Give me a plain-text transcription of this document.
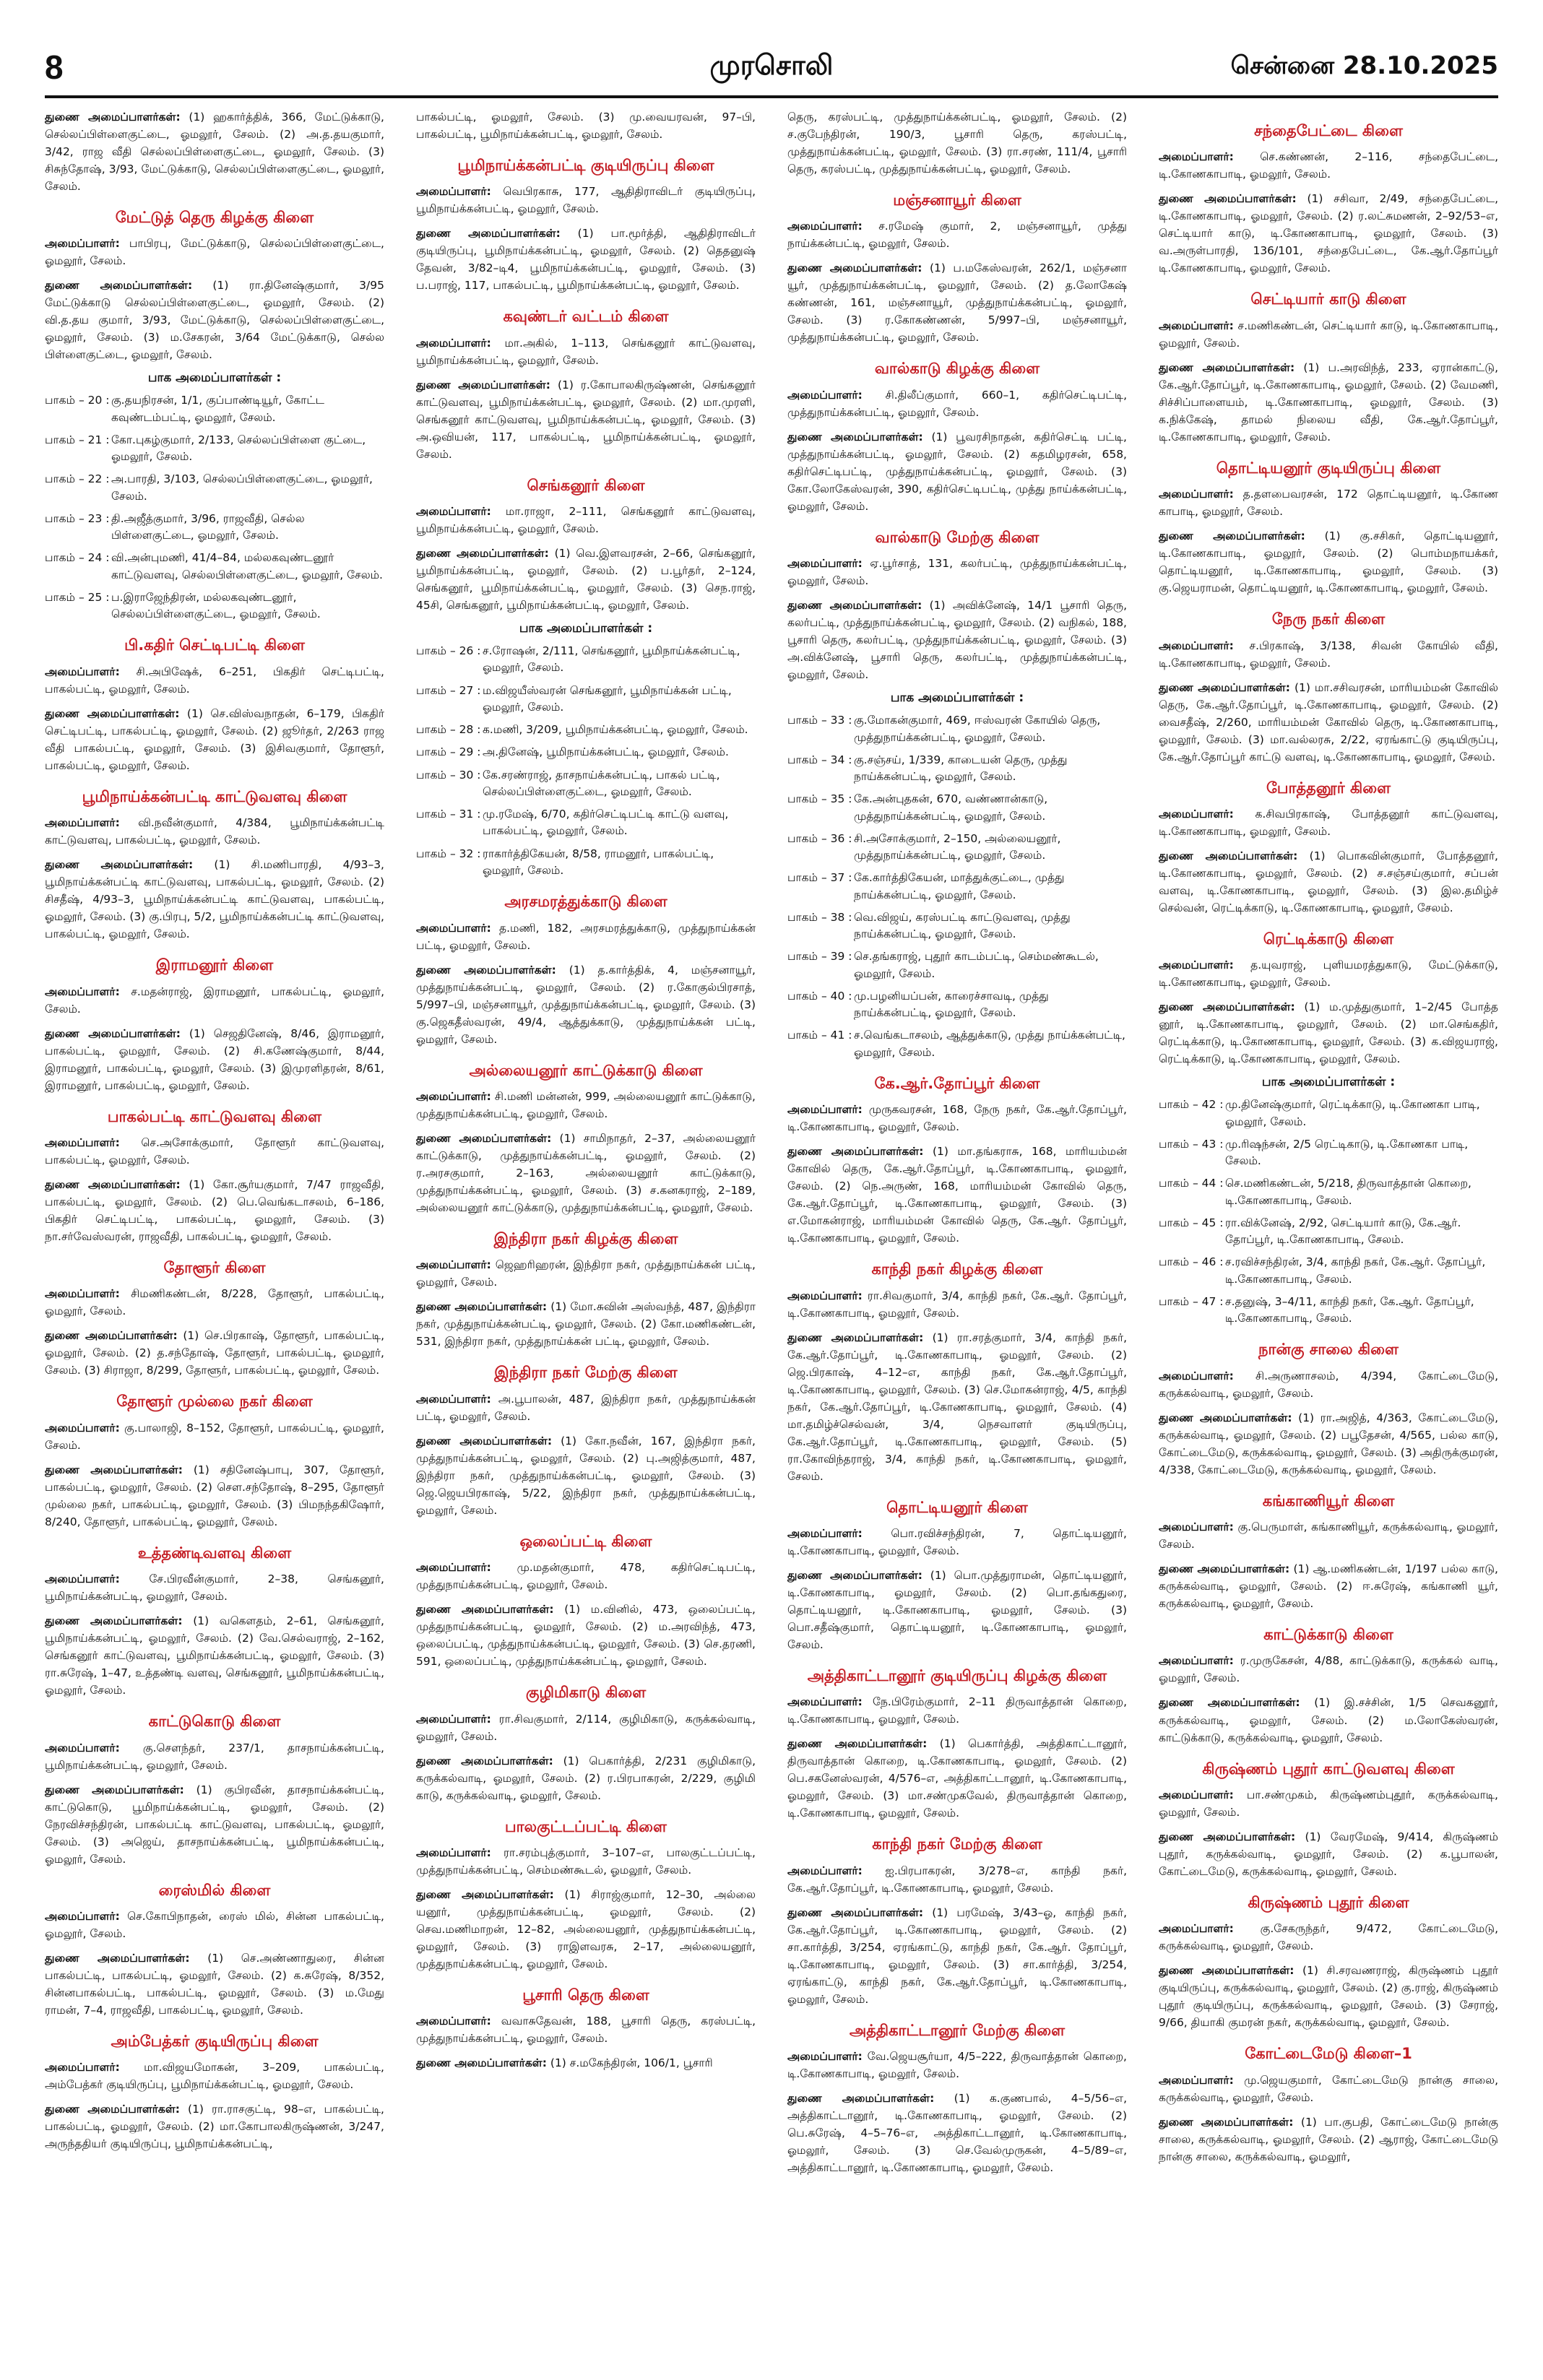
8	முரசொலி	சென்னை 28.10.2025

துணை அமைப்பாளர்கள்: (1) ஹகார்த்திக், 366, மேட்டுக்காடு, செல்லப்பிள்ளைகுட்டை, ஓமலூர், சேலம். (2) அ.த.தயகுமார், 3/42, ராஜ வீதி செல்லப்பிள்ளைகுட்டை, ஓமலூர், சேலம். (3) சிசுந்தோஷ், 3/93, மேட்டுக்காடு, செல்லப்பிள்ளைகுட்டை, ஓமலூர், சேலம்.

மேட்டுத் தெரு கிழக்கு கிளை

அமைப்பாளர்: பாபிரபு, மேட்டுக்காடு, செல்லப்பிள்ளைகுட்டை, ஓமலூர், சேலம்.

துணை அமைப்பாளர்கள்: (1) ரா.தினேஷ்குமார், 3/95 மேட்டுக்காடு செல்லப்பிள்ளைகுட்டை, ஓமலூர், சேலம். (2) வி.த.தய குமார், 3/93, மேட்டுக்காடு, செல்லப்பிள்ளைகுட்டை, ஓமலூர், சேலம். (3) ம.சேகரன், 3/64 மேட்டுக்காடு, செல்ல பிள்ளைகுட்டை, ஓமலூர், சேலம்.

பாக அமைப்பாளர்கள் :
பாகம் – 20 : கு.தயநிரசன், 1/1, குப்பாண்டியூர், கோட்ட கவுண்டம்பட்டி, ஓமலூர், சேலம்.
பாகம் – 21 : கோ.புகழ்குமார், 2/133, செல்லப்பிள்ளை குட்டை, ஓமலூர், சேலம்.
பாகம் – 22 : அ.பாரதி, 3/103, செல்லப்பிள்ளைகுட்டை, ஓமலூர், சேலம்.
பாகம் – 23 : தி.அஜீத்குமார், 3/96, ராஜவீதி, செல்ல பிள்ளைகுட்டை, ஓமலூர், சேலம்.
பாகம் – 24 : வி.அன்புமணி, 41/4–84, மல்லகவுண்டனூர் காட்டுவளவு, செல்லபிள்ளைகுட்டை, ஓமலூர், சேலம்.
பாகம் – 25 : ப.இராஜேந்திரன், மல்லகவுண்டனூர், செல்லப்பிள்ளைகுட்டை, ஓமலூர், சேலம்.
பி.கதிர் செட்டிபட்டி கிளை

அமைப்பாளர்: சி.அபிஷேக், 6–251, பிகதிர் செட்டிபட்டி, பாகல்பட்டி, ஓமலூர், சேலம்.

துணை அமைப்பாளர்கள்: (1) செ.விஸ்வநாதன், 6–179, பிகதிர் செட்டிபட்டி, பாகல்பட்டி, ஓமலூர், சேலம். (2) ஜூர்தர், 2/263 ராஜ வீதி பாகல்பட்டி, ஓமலூர், சேலம். (3) இசிவகுமார், தோளூர், பாகல்பட்டி, ஓமலூர், சேலம்.

பூமிநாய்க்கன்பட்டி காட்டுவளவு கிளை

அமைப்பாளர்: வி.நவீன்குமார், 4/384, பூமிநாய்க்கன்பட்டி காட்டுவளவு, பாகல்பட்டி, ஓமலூர், சேலம்.

துணை அமைப்பாளர்கள்: (1) சி.மணிபாரதி, 4/93–3, பூமிநாய்க்கன்பட்டி காட்டுவளவு, பாகல்பட்டி, ஓமலூர், சேலம். (2) சிசதீஷ், 4/93–3, பூமிநாய்க்கன்பட்டி காட்டுவளவு, பாகல்பட்டி, ஓமலூர், சேலம். (3) கு.பிரபு, 5/2, பூமிநாய்க்கன்பட்டி காட்டுவளவு, பாகல்பட்டி, ஓமலூர், சேலம்.

இராமனூர் கிளை

அமைப்பாளர்: ச.மதன்ராஜ், இராமனூர், பாகல்பட்டி, ஓமலூர், சேலம்.

துணை அமைப்பாளர்கள்: (1) செஜதினேஷ், 8/46, இராமனூர், பாகல்பட்டி, ஓமலூர், சேலம். (2) சி.கணேஷ்குமார், 8/44, இராமனூர், பாகல்பட்டி, ஓமலூர், சேலம். (3) இமுரளிதரன், 8/61, இராமனூர், பாகல்பட்டி, ஓமலூர், சேலம்.

பாகல்பட்டி காட்டுவளவு கிளை

அமைப்பாளர்: செ.அசோக்குமார், தோளூர் காட்டுவளவு, பாகல்பட்டி, ஓமலூர், சேலம்.

துணை அமைப்பாளர்கள்: (1) கோ.சூர்யகுமார், 7/47 ராஜவீதி, பாகல்பட்டி, ஓமலூர், சேலம். (2) பெ.வெங்கடாசலம், 6–186, பிகதிர் செட்டிபட்டி, பாகல்பட்டி, ஓமலூர், சேலம். (3) நா.சர்வேஸ்வரன், ராஜவீதி, பாகல்பட்டி, ஓமலூர், சேலம்.

தோளூர் கிளை

அமைப்பாளர்: சிமணிகண்டன், 8/228, தோளூர், பாகல்பட்டி, ஓமலூர், சேலம்.

துணை அமைப்பாளர்கள்: (1) செ.பிரகாஷ், தோளூர், பாகல்பட்டி, ஓமலூர், சேலம். (2) த.சந்தோஷ், தோளூர், பாகல்பட்டி, ஓமலூர், சேலம். (3) சிராஜா, 8/299, தோளூர், பாகல்பட்டி, ஓமலூர், சேலம்.

தோளூர் முல்லை நகர் கிளை

அமைப்பாளர்: கு.பாலாஜி, 8–152, தோளூர், பாகல்பட்டி, ஓமலூர், சேலம்.

துணை அமைப்பாளர்கள்: (1) சதினேஷ்பாபு, 307, தோளூர், பாகல்பட்டி, ஓமலூர், சேலம். (2) செள.சந்தோஷ், 8–295, தோளூர் முல்லை நகர், பாகல்பட்டி, ஓமலூர், சேலம். (3) பிமநந்தகிஷோர், 8/240, தோளூர், பாகல்பட்டி, ஓமலூர், சேலம்.

உத்தண்டிவளவு கிளை

அமைப்பாளர்:	சே.பிரவீன்குமார், 2–38, செங்கனூர், பூமிநாய்க்கன்பட்டி, ஓமலூர், சேலம்.

துணை அமைப்பாளர்கள்: (1) வகௌதம், 2–61, செங்கனூர், பூமிநாய்க்கன்பட்டி, ஓமலூர், சேலம். (2) வே.செல்வராஜ், 2–162, செங்கனூர் காட்டுவளவு, பூமிநாய்க்கன்பட்டி, ஓமலூர், சேலம். (3) ரா.சுரேஷ், 1–47, உத்தண்டி வளவு, செங்கனூர், பூமிநாய்க்கன்பட்டி, ஓமலூர், சேலம்.

காட்டுகொடு கிளை

அமைப்பாளர்: கு.சௌந்தர், 237/1, தாசநாய்க்கன்பட்டி, பூமிநாய்க்கன்பட்டி, ஓமலூர், சேலம்.

துணை அமைப்பாளர்கள்: (1) குபிரவீன், தாசநாய்க்கன்பட்டி, காட்டுகொடு, பூமிநாய்க்கன்பட்டி, ஓமலூர், சேலம். (2) நேரவிச்சந்திரன், பாகல்பட்டி காட்டுவளவு, பாகல்பட்டி, ஓமலூர், சேலம். (3) அஜெய், தாசநாய்க்கன்பட்டி, பூமிநாய்க்கன்பட்டி, ஓமலூர், சேலம்.

ரைஸ்மில் கிளை

அமைப்பாளர்: செ.கோபிநாதன், ரைஸ் மில், சின்ன பாகல்பட்டி, ஓமலூர், சேலம்.

துணை அமைப்பாளர்கள்: (1) செ.அண்ணாதுரை, சின்ன பாகல்பட்டி, பாகல்பட்டி, ஓமலூர், சேலம். (2) க.சுரேஷ், 8/352, சின்னபாகல்பட்டி, பாகல்பட்டி, ஓமலூர், சேலம். (3) ம.மேது ராமன், 7–4, ராஜவீதி, பாகல்பட்டி, ஓமலூர், சேலம்.

அம்பேத்கர் குடியிருப்பு கிளை

அமைப்பாளர்: மா.விஜயமோகன், 3–209, பாகல்பட்டி, அம்பேத்கர் குடியிருப்பு, பூமிநாய்க்கன்பட்டி, ஓமலூர், சேலம்.

துணை அமைப்பாளர்கள்: (1) ரா.ராசகுட்டி, 98–எ, பாகல்பட்டி, பாகல்பட்டி, ஓமலூர், சேலம். (2) மா.கோபாலகிருஷ்ணன், 3/247, அருந்ததியர் குடியிருப்பு, பூமிநாய்க்கன்பட்டி,

பாகல்பட்டி, ஓமலூர், சேலம். (3) மு.வையரவன், 97–பி, பாகல்பட்டி, பூமிநாய்க்கன்பட்டி, ஓமலூர், சேலம்.

பூமிநாய்க்கன்பட்டி குடியிருப்பு கிளை

அமைப்பாளர்: வெபிரகாசு, 177, ஆதிதிராவிடர் குடியிருப்பு, பூமிநாய்க்கன்பட்டி, ஓமலூர், சேலம்.

துணை அமைப்பாளர்கள்: (1) பா.மூர்த்தி, ஆதிதிராவிடர் குடியிருப்பு, பூமிநாய்க்கன்பட்டி, ஓமலூர், சேலம். (2) தெதனுஷ் தேவன், 3/82–டி4, பூமிநாய்க்கன்பட்டி, ஓமலூர், சேலம். (3) ப.பராஜ், 117, பாகல்பட்டி, பூமிநாய்க்கன்பட்டி, ஓமலூர், சேலம்.

கவுண்டர் வட்டம் கிளை

அமைப்பாளர்: மா.அகில், 1–113, செங்கனூர் காட்டுவளவு, பூமிநாய்க்கன்பட்டி, ஓமலூர், சேலம்.

துணை அமைப்பாளர்கள்: (1) ர.கோபாலகிருஷ்ணன், செங்கனூர் காட்டுவளவு, பூமிநாய்க்கன்பட்டி, ஓமலூர், சேலம். (2) மா.முரளி, செங்கனூர் காட்டுவளவு, பூமிநாய்க்கன்பட்டி, ஓமலூர், சேலம். (3) அ.ஒவியன், 117, பாகல்பட்டி, பூமிநாய்க்கன்பட்டி, ஓமலூர், சேலம்.

செங்கனூர் கிளை

அமைப்பாளர்: மா.ராஜா, 2–111, செங்கனூர் காட்டுவளவு, பூமிநாய்க்கன்பட்டி, ஓமலூர், சேலம்.

துணை அமைப்பாளர்கள்: (1) வெ.இளவரசன், 2–66, செங்கனூர், பூமிநாய்க்கன்பட்டி, ஓமலூர், சேலம். (2) ப.பூர்தர், 2–124, செங்கனூர், பூமிநாய்க்கன்பட்டி, ஓமலூர், சேலம். (3) செந.ராஜ், 45சி, செங்கனூர், பூமிநாய்க்கன்பட்டி, ஓமலூர், சேலம்.

பாக அமைப்பாளர்கள் :
பாகம் – 26 : ச.ரோஷன், 2/111, செங்கனூர், பூமிநாய்க்கன்பட்டி, ஓமலூர், சேலம்.
பாகம் – 27 : ம.விஜயீஸ்வரன் செங்கனூர், பூமிநாய்க்கன் பட்டி, ஓமலூர், சேலம்.
பாகம் – 28 : க.மணி, 3/209, பூமிநாய்க்கன்பட்டி, ஓமலூர், சேலம்.
பாகம் – 29 : அ.தினேஷ், பூமிநாய்க்கன்பட்டி, ஓமலூர், சேலம்.
பாகம் – 30 : கே.சரண்ராஜ், தாசநாய்க்கன்பட்டி, பாகல் பட்டி, செல்லப்பிள்ளைகுட்டை, ஓமலூர், சேலம்.
பாகம் – 31 : மு.ரமேஷ், 6/70, கதிர்செட்டிபட்டி காட்டு வளவு, பாகல்பட்டி, ஓமலூர், சேலம்.
பாகம் – 32 : ராகார்த்திகேயன், 8/58, ராமனூர், பாகல்பட்டி, ஓமலூர், சேலம்.
அரசமரத்துக்காடு கிளை

அமைப்பாளர்: த.மணி, 182, அரசமரத்துக்காடு, முத்துநாய்க்கன் பட்டி, ஓமலூர், சேலம்.

துணை அமைப்பாளர்கள்: (1) த.கார்த்திக், 4, மஞ்சனாயூர், முத்துநாய்க்கன்பட்டி, ஓமலூர், சேலம். (2) ர.கோகுல்பிரசாத், 5/997–பி, மஞ்சனாயூர், முத்துநாய்க்கன்பட்டி, ஓமலூர், சேலம். (3) கு.ஜெகதீஸ்வரன், 49/4, ஆத்துக்காடு, முத்துநாய்க்கன் பட்டி, ஓமலூர், சேலம்.

அல்லையனூர் காட்டுக்காடு கிளை

அமைப்பாளர்: சி.மணி மன்னன், 999, அல்லையனூர் காட்டுக்காடு, முத்துநாய்க்கன்பட்டி, ஓமலூர், சேலம்.

துணை அமைப்பாளர்கள்: (1) சாமிநாதர், 2–37, அல்லையனூர் காட்டுக்காடு, முத்துநாய்க்கன்பட்டி, ஓமலூர், சேலம். (2) ர.அரசகுமார், 2–163, அல்லையனூர் காட்டுக்காடு, முத்துநாய்க்கன்பட்டி, ஓமலூர், சேலம். (3) ச.கனகராஜ், 2–189, அல்லையனூர் காட்டுக்காடு, முத்துநாய்க்கன்பட்டி, ஓமலூர், சேலம்.

இந்திரா நகர் கிழக்கு கிளை

அமைப்பாளர்: ஜெஹரிஹரன், இந்திரா நகர், முத்துநாய்க்கன் பட்டி, ஓமலூர், சேலம்.

துணை அமைப்பாளர்கள்: (1) மோ.சுவின் அஸ்வந்த், 487, இந்திரா நகர், முத்துநாய்க்கன்பட்டி, ஓமலூர், சேலம். (2) கோ.மணிகண்டன், 531, இந்திரா நகர், முத்துநாய்க்கன் பட்டி, ஓமலூர், சேலம்.

இந்திரா நகர் மேற்கு கிளை

அமைப்பாளர்: அ.பூபாலன், 487, இந்திரா நகர், முத்துநாய்க்கன் பட்டி, ஓமலூர், சேலம்.

துணை அமைப்பாளர்கள்: (1) கோ.நவீன், 167, இந்திரா நகர், முத்துநாய்க்கன்பட்டி, ஓமலூர், சேலம். (2) பு.அஜித்குமார், 487, இந்திரா நகர், முத்துநாய்க்கன்பட்டி, ஓமலூர், சேலம். (3) ஜெ.ஜெயபிரகாஷ், 5/22, இந்திரா நகர், முத்துநாய்க்கன்பட்டி, ஓமலூர், சேலம்.

ஒலைப்பட்டி கிளை

அமைப்பாளர்: மு.மதன்குமார், 478, கதிர்செட்டிபட்டி, முத்துநாய்க்கன்பட்டி, ஓமலூர், சேலம்.

துணை அமைப்பாளர்கள்: (1) ம.வினில், 473, ஒலைப்பட்டி, முத்துநாய்க்கன்பட்டி, ஓமலூர், சேலம். (2) ம.அரவிந்த், 473, ஒலைப்பட்டி, முத்துநாய்க்கன்பட்டி, ஓமலூர், சேலம். (3) செ.தரணி, 591, ஒலைப்பட்டி, முத்துநாய்க்கன்பட்டி, ஓமலூர், சேலம்.

குழிமிகாடு கிளை

அமைப்பாளர்: ரா.சிவகுமார், 2/114, குழிமிகாடு, கருக்கல்வாடி, ஓமலூர், சேலம்.

துணை அமைப்பாளர்கள்: (1) பெகார்த்தி, 2/231 குழிமிகாடு, கருக்கல்வாடி, ஓமலூர், சேலம். (2) ர.பிரபாகரன், 2/229, குழிமி காடு, கருக்கல்வாடி, ஓமலூர், சேலம்.

பாலகுட்டப்பட்டி கிளை

அமைப்பாளர்: ரா.சரம்புத்குமார், 3–107–எ, பாலகுட்டப்பட்டி, முத்துநாய்க்கன்பட்டி, செம்மண்கூடல், ஓமலூர், சேலம்.

துணை அமைப்பாளர்கள்: (1) சிராஜ்குமார், 12–30, அல்லை யனூர், முத்துநாய்க்கன்பட்டி, ஓமலூர், சேலம். (2) செவ.மணிமாறன், 12–82, அல்லையனூர், முத்துநாய்க்கன்பட்டி, ஓமலூர், சேலம். (3) ராஇளவரசு, 2–17, அல்லையனூர், முத்துநாய்க்கன்பட்டி, ஓமலூர், சேலம்.

பூசாரி தெரு கிளை

அமைப்பாளர்: வவாசுதேவன், 188, பூசாரி தெரு, கரஸ்பட்டி, முத்துநாய்க்கன்பட்டி, ஓமலூர், சேலம்.

துணை அமைப்பாளர்கள்: (1) ச.மகேந்திரன், 106/1, பூசாரி

தெரு, கரஸ்பட்டி, முத்துநாய்க்கன்பட்டி, ஓமலூர், சேலம். (2) ச.குபேந்திரன், 190/3, பூசாரி தெரு, கரஸ்பட்டி, முத்துநாய்க்கன்பட்டி, ஓமலூர், சேலம். (3) ரா.சரண், 111/4, பூசாரி தெரு, கரஸ்பட்டி, முத்துநாய்க்கன்பட்டி, ஓமலூர், சேலம்.

மஞ்சனாயூர் கிளை

அமைப்பாளர்: ச.ரமேஷ் குமார், 2, மஞ்சனாயூர், முத்து நாய்க்கன்பட்டி, ஓமலூர், சேலம்.

துணை அமைப்பாளர்கள்: (1) ப.மகேஸ்வரன், 262/1, மஞ்சனா யூர், முத்துநாய்க்கன்பட்டி, ஓமலூர், சேலம். (2) த.லோகேஷ் கண்ணன், 161, மஞ்சனாயூர், முத்துநாய்க்கன்பட்டி, ஓமலூர், சேலம். (3) ர.கோகண்ணன், 5/997–பி, மஞ்சனாயூர், முத்துநாய்க்கன்பட்டி, ஓமலூர், சேலம்.

வால்காடு கிழக்கு கிளை

அமைப்பாளர்: சி.திலீப்குமார், 660–1, கதிர்செட்டிபட்டி, முத்துநாய்க்கன்பட்டி, ஓமலூர், சேலம்.

துணை அமைப்பாளர்கள்: (1) பூவரசிநாதன், கதிர்செட்டி பட்டி, முத்துநாய்க்கன்பட்டி, ஓமலூர், சேலம். (2) கதமிழரசன், 658, கதிர்செட்டிபட்டி, முத்துநாய்க்கன்பட்டி, ஓமலூர், சேலம். (3) கோ.லோகேஸ்வரன், 390, கதிர்செட்டிபட்டி, முத்து நாய்க்கன்பட்டி, ஓமலூர், சேலம்.

வால்காடு மேற்கு கிளை

அமைப்பாளர்: ஏ.பூர்சாத், 131, கலர்பட்டி, முத்துநாய்க்கன்பட்டி, ஓமலூர், சேலம்.

துணை அமைப்பாளர்கள்: (1) அவிக்னேஷ், 14/1 பூசாரி தெரு, கலர்பட்டி, முத்துநாய்க்கன்பட்டி, ஓமலூர், சேலம். (2) வநிகல், 188, பூசாரி தெரு, கலர்பட்டி, முத்துநாய்க்கன்பட்டி, ஓமலூர், சேலம். (3) அ.விக்னேஷ், பூசாரி தெரு, கலர்பட்டி, முத்துநாய்க்கன்பட்டி, ஓமலூர், சேலம்.

பாக அமைப்பாளர்கள் :
பாகம் – 33 : கு.மோகன்குமார், 469, ஈஸ்வரன் கோயில் தெரு, முத்துநாய்க்கன்பட்டி, ஓமலூர், சேலம்.
பாகம் – 34 : கு.சஞ்சய், 1/339, காடையன் தெரு, முத்து நாய்க்கன்பட்டி, ஓமலூர், சேலம்.
பாகம் – 35 : கே.அன்புதகன், 670, வண்ணான்காடு, முத்துநாய்க்கன்பட்டி, ஓமலூர், சேலம்.
பாகம் – 36 : சி.அசோக்குமார், 2–150, அல்லையனூர், முத்துநாய்க்கன்பட்டி, ஓமலூர், சேலம்.
பாகம் – 37 : கே.கார்த்திகேயன், மாத்துக்குட்டை, முத்து நாய்க்கன்பட்டி, ஓமலூர், சேலம்.
பாகம் – 38 : வெ.விஜய், கரஸ்பட்டி காட்டுவளவு, முத்து நாய்க்கன்பட்டி, ஓமலூர், சேலம்.
பாகம் – 39 : செ.தங்கராஜ், புதூர் காடம்பட்டி, செம்மண்கூடல், ஓமலூர், சேலம்.
பாகம் – 40 : மு.பழனியப்பன், காரைச்சாவடி, முத்து நாய்க்கன்பட்டி, ஓமலூர், சேலம்.
பாகம் – 41 : ச.வெங்கடாசலம், ஆத்துக்காடு, முத்து நாய்க்கன்பட்டி, ஓமலூர், சேலம்.
கே.ஆர்.தோப்பூர் கிளை

அமைப்பாளர்: முருகவரசன், 168, நேரு நகர், கே.ஆர்.தோப்பூர், டி.கோணகாபாடி, ஓமலூர், சேலம்.

துணை அமைப்பாளர்கள்: (1) மா.தங்கராசு, 168, மாரியம்மன் கோவில் தெரு, கே.ஆர்.தோப்பூர், டி.கோணகாபாடி, ஓமலூர், சேலம். (2) நெ.அருண், 168, மாரியம்மன் கோவில் தெரு, கே.ஆர்.தோப்பூர், டி.கோணகாபாடி, ஓமலூர், சேலம். (3) எ.மோகன்ராஜ், மாரியம்மன் கோவில் தெரு, கே.ஆர். தோப்பூர், டி.கோணகாபாடி, ஓமலூர், சேலம்.

காந்தி நகர் கிழக்கு கிளை

அமைப்பாளர்: ரா.சிவகுமார், 3/4, காந்தி நகர், கே.ஆர். தோப்பூர், டி.கோணகாபாடி, ஓமலூர், சேலம்.

துணை அமைப்பாளர்கள்: (1) ரா.சரத்குமார், 3/4, காந்தி நகர், கே.ஆர்.தோப்பூர், டி.கோணகாபாடி, ஓமலூர், சேலம். (2) ஜெ.பிரகாஷ், 4–12–எ, காந்தி நகர், கே.ஆர்.தோப்பூர், டி.கோணகாபாடி, ஓமலூர், சேலம். (3) செ.மோகன்ராஜ், 4/5, காந்தி நகர், கே.ஆர்.தோப்பூர், டி.கோணகாபாடி, ஓமலூர், சேலம். (4) மா.தமிழ்ச்செல்வன், 3/4, நெசவாளர் குடியிருப்பு, கே.ஆர்.தோப்பூர், டி.கோணகாபாடி, ஓமலூர், சேலம். (5) ரா.கோவிந்தராஜ், 3/4, காந்தி நகர், டி.கோணகாபாடி, ஓமலூர், சேலம்.

தொட்டியனூர் கிளை

அமைப்பாளர்:	பொ.ரவிச்சந்திரன், 7, தொட்டியனூர், டி.கோணகாபாடி, ஓமலூர், சேலம்.

துணை அமைப்பாளர்கள்: (1) பொ.முத்துராமன், தொட்டியனூர், டி.கோணகாபாடி, ஓமலூர், சேலம். (2) பொ.தங்கதுரை, தொட்டியனூர், டி.கோணகாபாடி, ஓமலூர், சேலம். (3) பொ.சதீஷ்குமார், தொட்டியனூர், டி.கோணகாபாடி, ஓமலூர், சேலம்.

அத்திகாட்டானூர் குடியிருப்பு கிழக்கு கிளை

அமைப்பாளர்: நே.பிரேம்குமார், 2–11 திருவாத்தான் கொறை, டி.கோணகாபாடி, ஓமலூர், சேலம்.

துணை அமைப்பாளர்கள்: (1) பெகார்த்தி, அத்திகாட்டானூர், திருவாத்தான் கொறை, டி.கோணகாபாடி, ஓமலூர், சேலம். (2) பெ.சகனேஸ்வரன், 4/576–எ, அத்திகாட்டானூர், டி.கோணகாபாடி, ஓமலூர், சேலம். (3) மா.சண்முகவேல், திருவாத்தான் கொறை, டி.கோணகாபாடி, ஓமலூர், சேலம்.

காந்தி நகர் மேற்கு கிளை

அமைப்பாளர்: ஐ.பிரபாகரன், 3/278–எ, காந்தி நகர், கே.ஆர்.தோப்பூர், டி.கோணகாபாடி, ஓமலூர், சேலம்.

துணை அமைப்பாளர்கள்: (1) பரமேஷ், 3/43–ஓ, காந்தி நகர், கே.ஆர்.தோப்பூர், டி.கோணகாபாடி, ஓமலூர், சேலம். (2) சா.கார்த்தி, 3/254, ஏரங்காட்டு, காந்தி நகர், கே.ஆர். தோப்பூர், டி.கோணகாபாடி, ஓமலூர், சேலம். (3) சா.கார்த்தி, 3/254, ஏரங்காட்டு, காந்தி நகர், கே.ஆர்.தோப்பூர், டி.கோணகாபாடி, ஓமலூர், சேலம்.

அத்திகாட்டானூர் மேற்கு கிளை

அமைப்பாளர்: வே.ஜெயசூர்யா, 4/5–222, திருவாத்தான் கொறை, டி.கோணகாபாடி, ஓமலூர், சேலம்.

துணை அமைப்பாளர்கள்: (1) க.குணபால், 4–5/56–எ, அத்திகாட்டானூர், டி.கோணகாபாடி, ஓமலூர், சேலம். (2) பெ.சுரேஷ், 4–5–76–எ, அத்திகாட்டானூர், டி.கோணகாபாடி, ஓமலூர், சேலம். (3) செ.வேல்முருகன், 4–5/89–எ, அத்திகாட்டானூர், டி.கோணகாபாடி, ஓமலூர், சேலம்.

சந்தைபேட்டை கிளை

அமைப்பாளர்: செ.கண்ணன், 2–116, சந்தைபேட்டை, டி.கோணகாபாடி, ஓமலூர், சேலம்.

துணை அமைப்பாளர்கள்: (1) சசிவா, 2/49, சந்தைபேட்டை, டி.கோணகாபாடி, ஓமலூர், சேலம். (2) ர.லட்சுமணன், 2–92/53–எ, செட்டியார் காடு, டி.கோணகாபாடி, ஓமலூர், சேலம். (3) வ.அருள்பாரதி, 136/101, சந்தைபேட்டை, கே.ஆர்.தோப்பூர் டி.கோணகாபாடி, ஓமலூர், சேலம்.

செட்டியார் காடு கிளை

அமைப்பாளர்: ச.மணிகண்டன், செட்டியார் காடு, டி.கோணகாபாடி, ஓமலூர், சேலம்.

துணை அமைப்பாளர்கள்: (1) ப.அரவிந்த், 233, ஏரான்காட்டு, கே.ஆர்.தோப்பூர், டி.கோணகாபாடி, ஓமலூர், சேலம். (2) வேமணி, சிச்சிப்பாளையம், டி.கோணகாபாடி, ஓமலூர், சேலம். (3) க.நிக்கேஷ், தாமல் நிலைய வீதி, கே.ஆர்.தோப்பூர், டி.கோணகாபாடி, ஓமலூர், சேலம்.

தொட்டியனூர் குடியிருப்பு கிளை

அமைப்பாளர்: த.தளபைவரசன், 172 தொட்டியனூர், டி.கோண காபாடி, ஓமலூர், சேலம்.

துணை அமைப்பாளர்கள்: (1) கு.சசிகர், தொட்டியனூர், டி.கோணகாபாடி, ஓமலூர், சேலம். (2) பொம்மநாயக்கர், தொட்டியனூர், டி.கோணகாபாடி, ஓமலூர், சேலம். (3) கு.ஜெயராமன், தொட்டியனூர், டி.கோணகாபாடி, ஓமலூர், சேலம்.

நேரு நகர் கிளை

அமைப்பாளர்: ச.பிரகாஷ், 3/138, சிவன் கோயில் வீதி, டி.கோணகாபாடி, ஓமலூர், சேலம்.

துணை அமைப்பாளர்கள்: (1) மா.சசிவரசன், மாரியம்மன் கோவில் தெரு, கே.ஆர்.தோப்பூர், டி.கோணகாபாடி, ஓமலூர், சேலம். (2) வைசதீஷ், 2/260, மாரியம்மன் கோவில் தெரு, டி.கோணகாபாடி, ஓமலூர், சேலம். (3) மா.வல்லரசு, 2/22, ஏரங்காட்டு குடியிருப்பு, கே.ஆர்.தோப்பூர் காட்டு வளவு, டி.கோணகாபாடி, ஓமலூர், சேலம்.

போத்தனூர் கிளை

அமைப்பாளர்: க.சிவபிரகாஷ், போத்தனூர் காட்டுவளவு, டி.கோணகாபாடி, ஓமலூர், சேலம்.

துணை அமைப்பாளர்கள்: (1) பொகவின்குமார், போத்தனூர், டி.கோணகாபாடி, ஓமலூர், சேலம். (2) ச.சஞ்சய்குமார், சப்பன் வளவு, டி.கோணகாபாடி, ஓமலூர், சேலம். (3) இல.தமிழ்ச் செல்வன், ரெட்டிக்காடு, டி.கோணகாபாடி, ஓமலூர், சேலம்.

ரெட்டிக்காடு கிளை

அமைப்பாளர்: த.யுவராஜ், புளியமரத்துகாடு, மேட்டுக்காடு, டி.கோணகாபாடி, ஓமலூர், சேலம்.

துணை அமைப்பாளர்கள்: (1) ம.முத்துகுமார், 1–2/45 போத்த னூர், டி.கோணகாபாடி, ஓமலூர், சேலம். (2) மா.செங்கதிர், ரெட்டிக்காடு, டி.கோணகாபாடி, ஓமலூர், சேலம். (3) க.விஜயராஜ், ரெட்டிக்காடு, டி.கோணகாபாடி, ஓமலூர், சேலம்.

பாக அமைப்பாளர்கள் :
பாகம் – 42 : மு.தினேஷ்குமார், ரெட்டிக்காடு, டி.கோணகா பாடி, ஓமலூர், சேலம்.
பாகம் – 43 : மு.ரிஷந்சன், 2/5 ரெட்டிகாடு, டி.கோணகா பாடி, சேலம்.
பாகம் – 44 : செ.மணிகண்டன், 5/218, திருவாத்தான் கொறை, டி.கோணகாபாடி, சேலம்.
பாகம் – 45 : ரா.விக்னேஷ், 2/92, செட்டியார் காடு, கே.ஆர். தோப்பூர், டி.கோணகாபாடி, சேலம்.
பாகம் – 46 : ச.ரவிச்சந்திரன், 3/4, காந்தி நகர், கே.ஆர். தோப்பூர், டி.கோணகாபாடி, சேலம்.
பாகம் – 47 : ச.தனுஷ், 3–4/11, காந்தி நகர், கே.ஆர். தோப்பூர், டி.கோணகாபாடி, சேலம்.
நான்கு சாலை கிளை

அமைப்பாளர்: சி.அருணாசலம், 4/394, கோட்டைமேடு, கருக்கல்வாடி, ஓமலூர், சேலம்.

துணை அமைப்பாளர்கள்: (1) ரா.அஜித், 4/363, கோட்டைமேடு, கருக்கல்வாடி, ஓமலூர், சேலம். (2) பபூதேசன், 4/565, பல்ல காடு, கோட்டைமேடு, கருக்கல்வாடி, ஓமலூர், சேலம். (3) அதிருக்குமரன், 4/338, கோட்டைமேடு, கருக்கல்வாடி, ஓமலூர், சேலம்.

கங்காணியூர் கிளை

அமைப்பாளர்: கு.பெருமாள், கங்காணியூர், கருக்கல்வாடி, ஓமலூர், சேலம்.

துணை அமைப்பாளர்கள்: (1) ஆ.மணிகண்டன், 1/197 பல்ல காடு, கருக்கல்வாடி, ஓமலூர், சேலம். (2) ஈ.சுரேஷ், கங்காணி யூர், கருக்கல்வாடி, ஓமலூர், சேலம்.

காட்டுக்காடு கிளை

அமைப்பாளர்: ர.முருகேசன், 4/88, காட்டுக்காடு, கருக்கல் வாடி, ஓமலூர், சேலம்.

துணை அமைப்பாளர்கள்: (1) இ.சச்சின், 1/5 செவகனூர், கருக்கல்வாடி, ஓமலூர், சேலம். (2) ம.லோகேஸ்வரன், காட்டுக்காடு, கருக்கல்வாடி, ஓமலூர், சேலம்.

கிருஷ்ணம் புதூர் காட்டுவளவு கிளை

அமைப்பாளர்: பா.சண்முகம், கிருஷ்ணம்புதூர், கருக்கல்வாடி, ஓமலூர், சேலம்.

துணை அமைப்பாளர்கள்: (1) வேரமேஷ், 9/414, கிருஷ்ணம் புதூர், கருக்கல்வாடி, ஓமலூர், சேலம். (2) க.பூபாலன், கோட்டைமேடு, கருக்கல்வாடி, ஓமலூர், சேலம்.

கிருஷ்ணம் புதூர் கிளை

அமைப்பாளர்: கு.சேகருந்தர், 9/472, கோட்டைமேடு, கருக்கல்வாடி, ஓமலூர், சேலம்.

துணை அமைப்பாளர்கள்: (1) சி.சரவணராஜ், கிருஷ்ணம் புதூர் குடியிருப்பு, கருக்கல்வாடி, ஓமலூர், சேலம். (2) கு.ராஜ், கிருஷ்ணம் புதூர் குடியிருப்பு, கருக்கல்வாடி, ஓமலூர், சேலம். (3) சேராஜ், 9/66, தியாகி குமரன் நகர், கருக்கல்வாடி, ஓமலூர், சேலம்.

கோட்டைமேடு கிளை–1

அமைப்பாளர்: மு.ஜெயகுமார், கோட்டைமேடு நான்கு சாலை, கருக்கல்வாடி, ஓமலூர், சேலம்.

துணை அமைப்பாளர்கள்: (1) பா.குபதி, கோட்டைமேடு நான்கு சாலை, கருக்கல்வாடி, ஓமலூர், சேலம். (2) ஆராஜ், கோட்டைமேடு நான்கு சாலை, கருக்கல்வாடி, ஓமலூர்,
